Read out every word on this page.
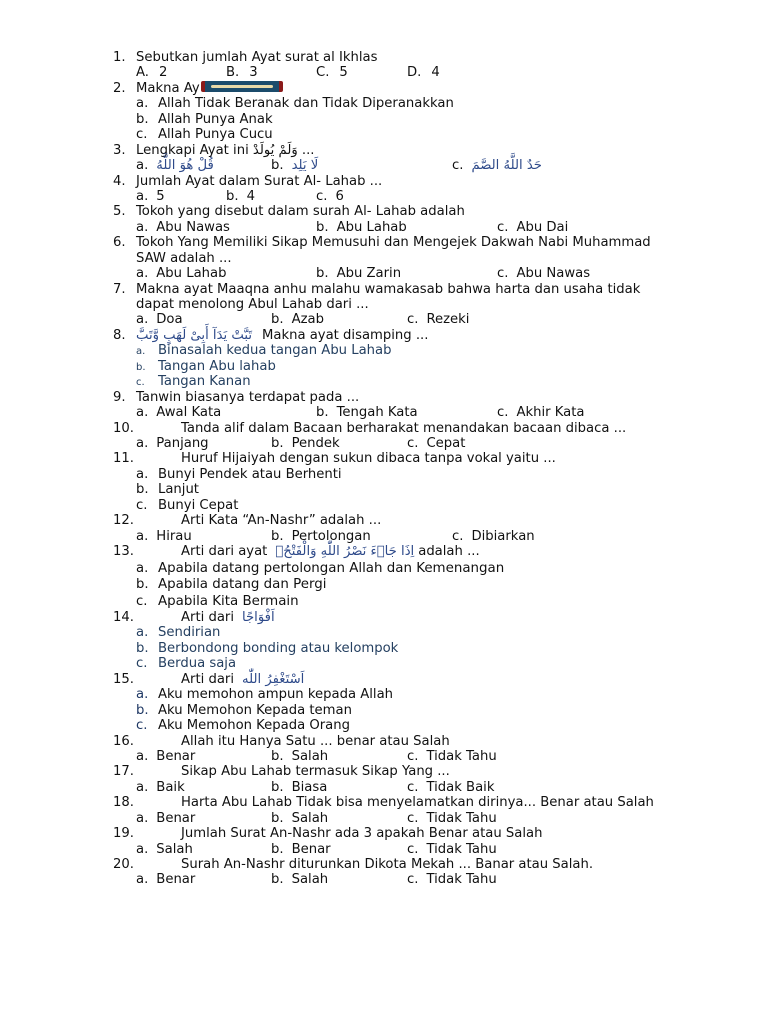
1. Sebutkan jumlah Ayat surat al Ikhlas
A. 2	B. 3	C. 5	D. 4
2. Makna Ay
a. Allah Tidak Beranak dan Tidak Diperanakkan
b. Allah Punya Anak
c. Allah Punya Cucu
3. Lengkapi Ayat ini وَلَمْ يُولَدْ ...
a. قُلْ هُوَ اللَّهُ	b. لَا يَلِد	c. حَدٌ اللَّهُ الصَّمَ
4. Jumlah Ayat dalam Surat Al- Lahab ...
a. 5	b. 4	c. 6
5. Tokoh yang disebut dalam surah Al- Lahab adalah
a. Abu Nawas	b. Abu Lahab	c. Abu Dai
6. Tokoh Yang Memiliki Sikap Memusuhi dan Mengejek Dakwah Nabi Muhammad
SAW adalah ...
a. Abu Lahab	b. Abu Zarin	c. Abu Nawas
7. Makna ayat Maaqna anhu malahu wamakasab bahwa harta dan usaha tidak
dapat menolong Abul Lahab dari ...
a. Doa	b. Azab	c. Rezeki
8. تَبَّتْ يَدَآ أَبِىْ لَهَبٍ وَّتَبَّ Makna ayat disamping ...
a. Binasalah kedua tangan Abu Lahab
b. Tangan Abu lahab
c. Tangan Kanan
9. Tanwin biasanya terdapat pada ...
a. Awal Kata	b. Tengah Kata	c. Akhir Kata
10.	Tanda alif dalam Bacaan berharakat menandakan bacaan dibaca ...
a. Panjang	b. Pendek	c. Cepat
11.	Huruf Hijaiyah dengan sukun dibaca tanpa vokal yaitu ...
a. Bunyi Pendek atau Berhenti
b. Lanjut
c. Bunyi Cepat
12.	Arti Kata “An-Nashr” adalah ...
a. Hirau	b. Pertolongan	c. Dibiarkan
13.	Arti dari ayat اِذَا جَاۤءَ نَصْرُ اللّٰهِ وَالْفَتْحُۙ adalah ...
a. Apabila datang pertolongan Allah dan Kemenangan
b. Apabila datang dan Pergi
c. Apabila Kita Bermain
14.	Arti dari اَفْوَاجًا
a. Sendirian
b. Berbondong bonding atau kelompok
c. Berdua saja
15.	Arti dari اَسْتَغْفِرُ اللّٰه
a. Aku memohon ampun kepada Allah
b. Aku Memohon Kepada teman
c. Aku Memohon Kepada Orang
16.	Allah itu Hanya Satu ... benar atau Salah
a. Benar	b. Salah	c. Tidak Tahu
17.	Sikap Abu Lahab termasuk Sikap Yang ...
a. Baik	b. Biasa	c. Tidak Baik
18.	Harta Abu Lahab Tidak bisa menyelamatkan dirinya... Benar atau Salah
a. Benar	b. Salah	c. Tidak Tahu
19.	Jumlah Surat An-Nashr ada 3 apakah Benar atau Salah
a. Salah	b. Benar	c. Tidak Tahu
20.	Surah An-Nashr diturunkan Dikota Mekah ... Banar atau Salah.
a. Benar	b. Salah	c. Tidak Tahu
